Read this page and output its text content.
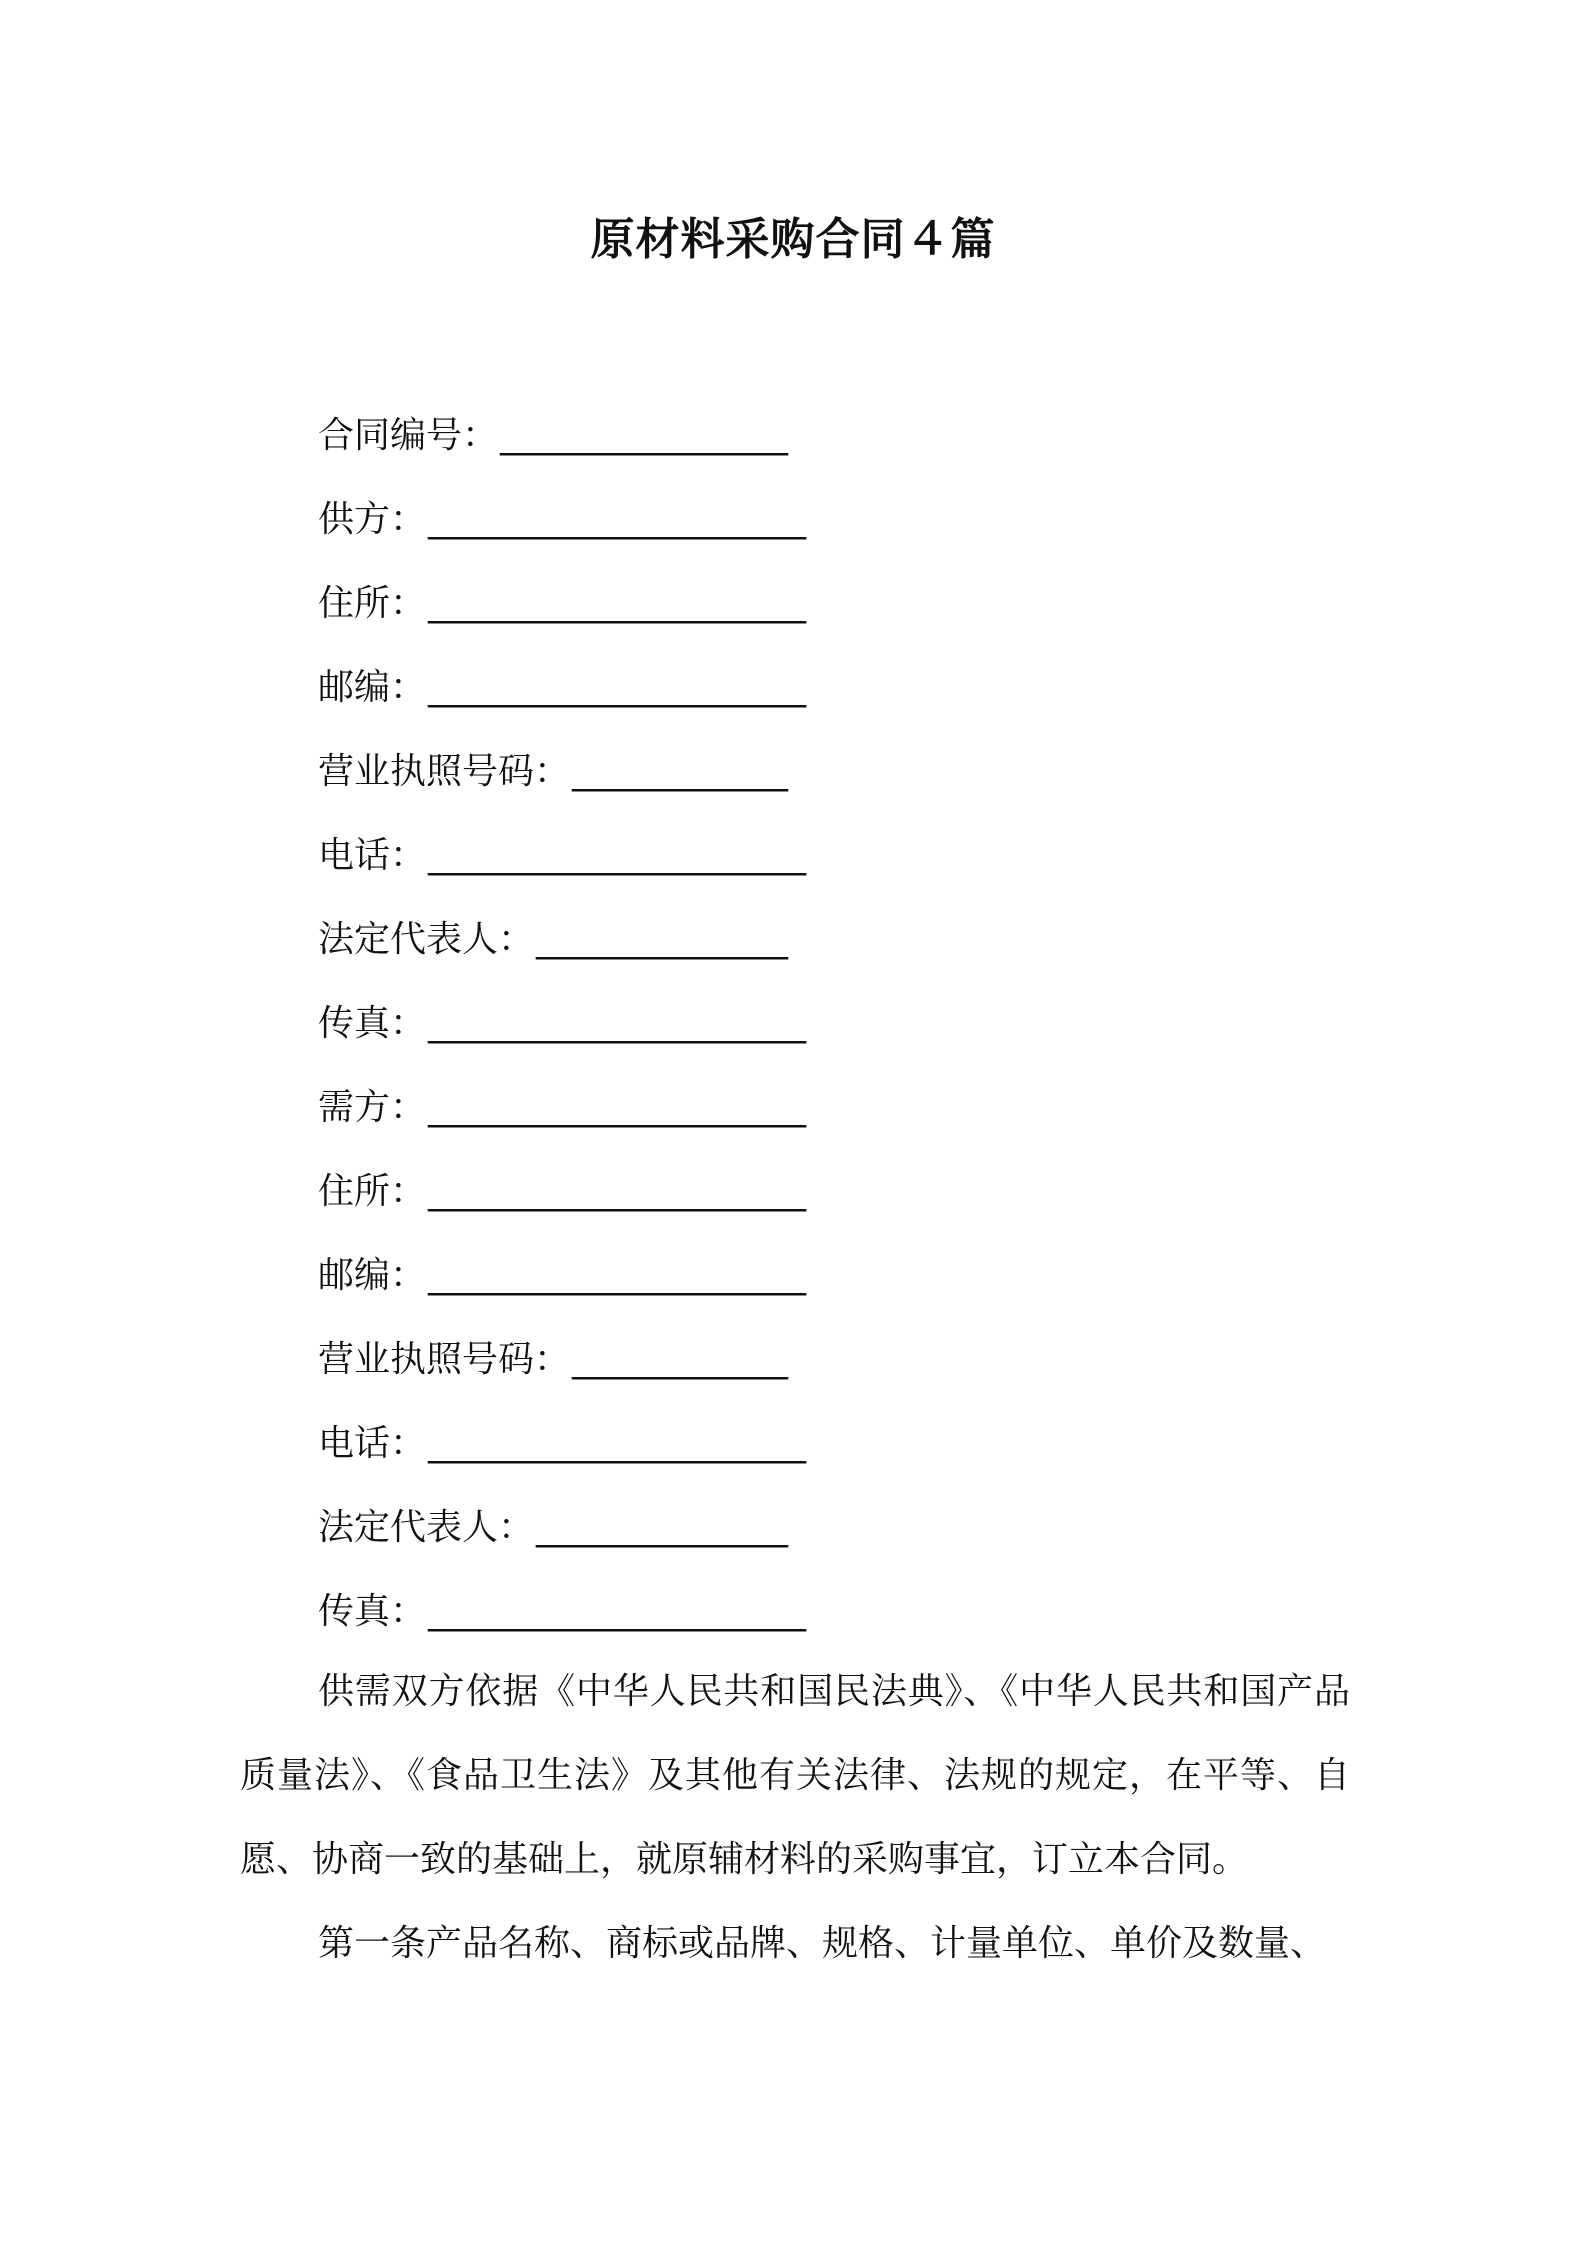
原材料采购合同４篇
合同编号：________________
供方：_____________________
住所：_____________________
邮编：_____________________
营业执照号码：____________
电话：_____________________
法定代表人：______________
传真：_____________________
需方：_____________________
住所：_____________________
邮编：_____________________
营业执照号码：____________
电话：_____________________
法定代表人：______________
传真：_____________________
供需双方依据《中华人民共和国民法典》、《中华人民共和国产品质量法》、《食品卫生法》及其他有关法律、法规的规定，在平等、自愿、协商一致的基础上，就原辅材料的采购事宜，订立本合同。
第一条产品名称、商标或品牌、规格、计量单位、单价及数量、
